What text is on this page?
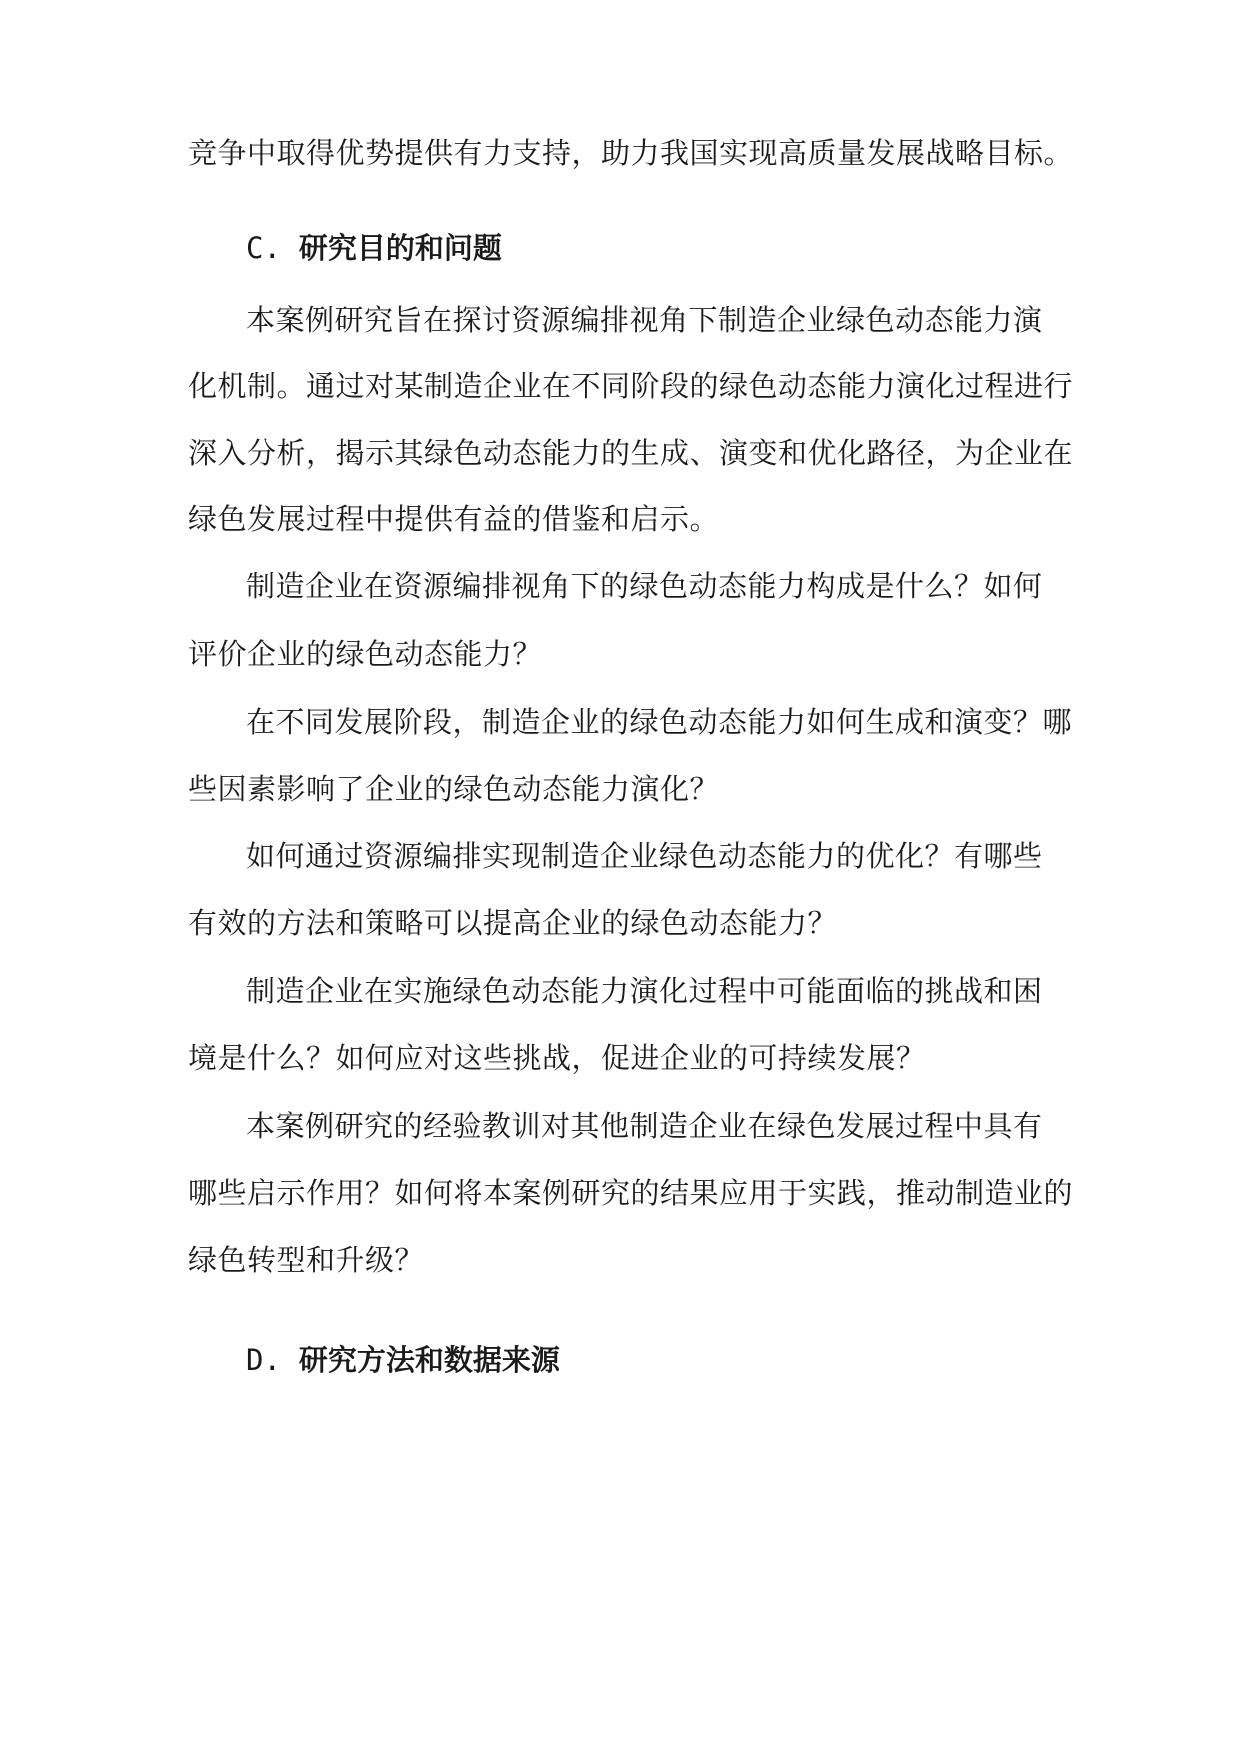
竞争中取得优势提供有力支持，助力我国实现高质量发展战略目标。
C. 研究目的和问题
本案例研究旨在探讨资源编排视角下制造企业绿色动态能力演
化机制。通过对某制造企业在不同阶段的绿色动态能力演化过程进行
深入分析，揭示其绿色动态能力的生成、演变和优化路径，为企业在
绿色发展过程中提供有益的借鉴和启示。
制造企业在资源编排视角下的绿色动态能力构成是什么？如何
评价企业的绿色动态能力？
在不同发展阶段，制造企业的绿色动态能力如何生成和演变？哪
些因素影响了企业的绿色动态能力演化？
如何通过资源编排实现制造企业绿色动态能力的优化？有哪些
有效的方法和策略可以提高企业的绿色动态能力？
制造企业在实施绿色动态能力演化过程中可能面临的挑战和困
境是什么？如何应对这些挑战，促进企业的可持续发展？
本案例研究的经验教训对其他制造企业在绿色发展过程中具有
哪些启示作用？如何将本案例研究的结果应用于实践，推动制造业的
绿色转型和升级？
D. 研究方法和数据来源
